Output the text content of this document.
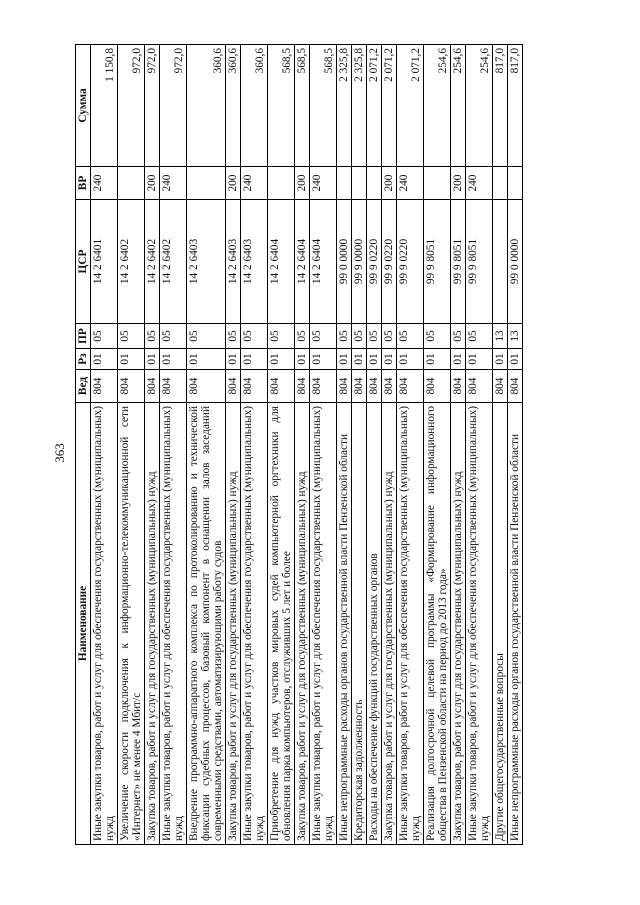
363
Наименование	Вед	Рз	ПР	ЦСР	ВР	Сумма
Иные закупки товаров, работ и услуг для обеспечения государственных (муниципальных) нужд	804	01	05	14 2 6401	240	1 150,8
Увеличение скорости подключения к информационно-телекоммуникационной сети «Интернет» не менее 4 Мбит/с	804	01	05	14 2 6402		972,0
Закупка товаров, работ и услуг для государственных (муниципальных) нужд	804	01	05	14 2 6402	200	972,0
Иные закупки товаров, работ и услуг для обеспечения государственных (муниципальных) нужд	804	01	05	14 2 6402	240	972,0
Внедрение программно-аппаратного комплекса по протоколированию и технической фиксации судебных процессов, базовый компонент в оснащении залов заседаний современными средствами, автоматизирующими работу судов	804	01	05	14 2 6403		360,6
Закупка товаров, работ и услуг для государственных (муниципальных) нужд	804	01	05	14 2 6403	200	360,6
Иные закупки товаров, работ и услуг для обеспечения государственных (муниципальных) нужд	804	01	05	14 2 6403	240	360,6
Приобретение для нужд участков мировых судей компьютерной оргтехники для обновления парка компьютеров, отслуживших 5 лет и более	804	01	05	14 2 6404		568,5
Закупка товаров, работ и услуг для государственных (муниципальных) нужд	804	01	05	14 2 6404	200	568,5
Иные закупки товаров, работ и услуг для обеспечения государственных (муниципальных) нужд	804	01	05	14 2 6404	240	568,5
Иные непрограммные расходы органов государственной власти Пензенской области	804	01	05	99 0 0000		2 325,8
Кредиторская задолженность	804	01	05	99 9 0000		2 325,8
Расходы на обеспечение функций государственных органов	804	01	05	99 9 0220		2 071,2
Закупка товаров, работ и услуг для государственных (муниципальных) нужд	804	01	05	99 9 0220	200	2 071,2
Иные закупки товаров, работ и услуг для обеспечения государственных (муниципальных) нужд	804	01	05	99 9 0220	240	2 071,2
Реализация долгосрочной целевой программы «Формирование информационного общества в Пензенской области на период до 2013 года»	804	01	05	99 9 8051		254,6
Закупка товаров, работ и услуг для государственных (муниципальных) нужд	804	01	05	99 9 8051	200	254,6
Иные закупки товаров, работ и услуг для обеспечения государственных (муниципальных) нужд	804	01	05	99 9 8051	240	254,6
Другие общегосударственные вопросы	804	01	13			817,0
Иные непрограммные расходы органов государственной власти Пензенской области	804	01	13	99 0 0000		817,0
